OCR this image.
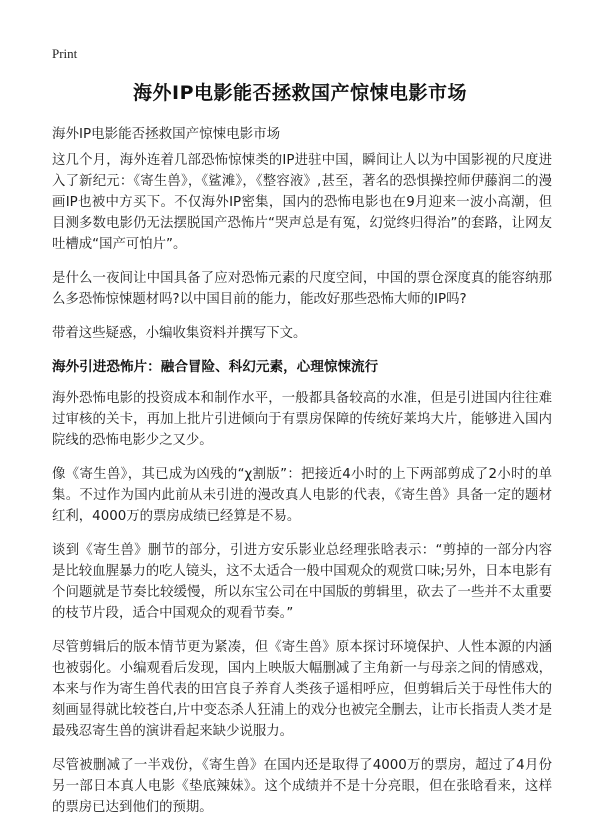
Print
海外IP电影能否拯救国产惊悚电影市场
海外IP电影能否拯救国产惊悚电影市场

这几个月，海外连着几部恐怖惊悚类的IP进驻中国，瞬间让人以为中国影视的尺度进入了新纪元：《寄生兽》，《鲨滩》，《整容液》,甚至，著名的恐惧操控师伊藤润二的漫画IP也被中方买下。不仅海外IP密集，国内的恐怖电影也在9月迎来一波小高潮，但目测多数电影仍无法摆脱国产恐怖片“哭声总是有冤，幻觉终归得治”的套路，让网友吐槽成“国产可怕片”。

是什么一夜间让中国具备了应对恐怖元素的尺度空间，中国的票仓深度真的能容纳那么多恐怖惊悚题材吗?以中国目前的能力，能改好那些恐怖大师的IP吗?

带着这些疑惑，小编收集资料并撰写下文。

海外引进恐怖片：融合冒险、科幻元素，心理惊悚流行

海外恐怖电影的投资成本和制作水平，一般都具备较高的水准，但是引进国内往往难过审核的关卡，再加上批片引进倾向于有票房保障的传统好莱坞大片，能够进入国内院线的恐怖电影少之又少。

像《寄生兽》，其已成为凶残的“χ割版”：把接近4小时的上下两部剪成了2小时的单集。不过作为国内此前从未引进的漫改真人电影的代表，《寄生兽》具备一定的题材红利，4000万的票房成绩已经算是不易。

谈到《寄生兽》删节的部分，引进方安乐影业总经理张晗表示：“剪掉的一部分内容是比较血腥暴力的吃人镜头，这不太适合一般中国观众的观赏口味;另外，日本电影有个问题就是节奏比较缓慢，所以东宝公司在中国版的剪辑里，砍去了一些并不太重要的枝节片段，适合中国观众的观看节奏。”

尽管剪辑后的版本情节更为紧凑，但《寄生兽》原本探讨环境保护、人性本源的内涵也被弱化。小编观看后发现，国内上映版大幅删减了主角新一与母亲之间的情感戏，本来与作为寄生兽代表的田宫良子养育人类孩子遥相呼应，但剪辑后关于母性伟大的刻画显得就比较苍白,片中变态杀人狂浦上的戏分也被完全删去，让市长指责人类才是最残忍寄生兽的演讲看起来缺少说服力。

尽管被删减了一半戏份，《寄生兽》在国内还是取得了4000万的票房，超过了4月份另一部日本真人电影《垫底辣妹》。这个成绩并不是十分亮眼，但在张晗看来，这样的票房已达到他们的预期。
